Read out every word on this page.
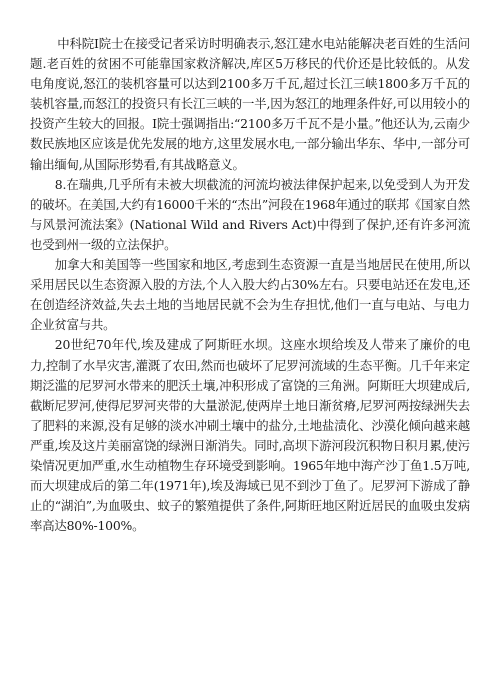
中科院I院士在接受记者采访时明确表示,怒江建水电站能解决老百姓的生活问题.老百姓的贫困不可能靠国家救济解决,库区5万移民的代价还是比较低的。从发电角度说,怒江的装机容量可以达到2100多万千瓦,超过长江三峡1800多万千瓦的装机容量,而怒江的投资只有长江三峡的一半,因为怒江的地理条件好,可以用较小的投资产生较大的回报。I院士强调指出:“2100多万千瓦不是小量。”他还认为,云南少数民族地区应该是优先发展的地方,这里发展水电,一部分输出华东、华中,一部分可输出缅甸,从国际形势看,有其战略意义。

8.在瑞典,几乎所有未被大坝截流的河流均被法律保护起来,以免受到人为开发的破坏。在美国,大约有16000千米的“杰出”河段在1968年通过的联邦《国家自然与风景河流法案》(National Wild and Rivers Act)中得到了保护,还有许多河流也受到州一级的立法保护。

加拿大和美国等一些国家和地区,考虑到生态资源一直是当地居民在使用,所以采用居民以生态资源入股的方法,个人入股大约占30%左右。只要电站还在发电,还在创造经济效益,失去土地的当地居民就不会为生存担忧,他们一直与电站、与电力企业贫富与共。

20世纪70年代,埃及建成了阿斯旺水坝。这座水坝给埃及人带来了廉价的电力,控制了水旱灾害,灌溉了农田,然而也破坏了尼罗河流域的生态平衡。几千年来定期泛滥的尼罗河水带来的肥沃土壤,冲积形成了富饶的三角洲。阿斯旺大坝建成后,截断尼罗河,使得尼罗河夹带的大量淤泥,使两岸土地日渐贫瘠,尼罗河两按绿洲失去了肥料的来源,没有足够的淡水冲刷土壤中的盐分,土地盐渍化、沙漠化倾向越来越严重,埃及这片美丽富饶的绿洲日渐消失。同时,高坝下游河段沉积物日积月累,使污染情况更加严重,水生动植物生存环境受到影响。1965年地中海产沙丁鱼1.5万吨,而大坝建成后的第二年(1971年),埃及海域已见不到沙丁鱼了。尼罗河下游成了静止的“湖泊”,为血吸虫、蚊子的繁殖提供了条件,阿斯旺地区附近居民的血吸虫发病率高达80%-100%。
